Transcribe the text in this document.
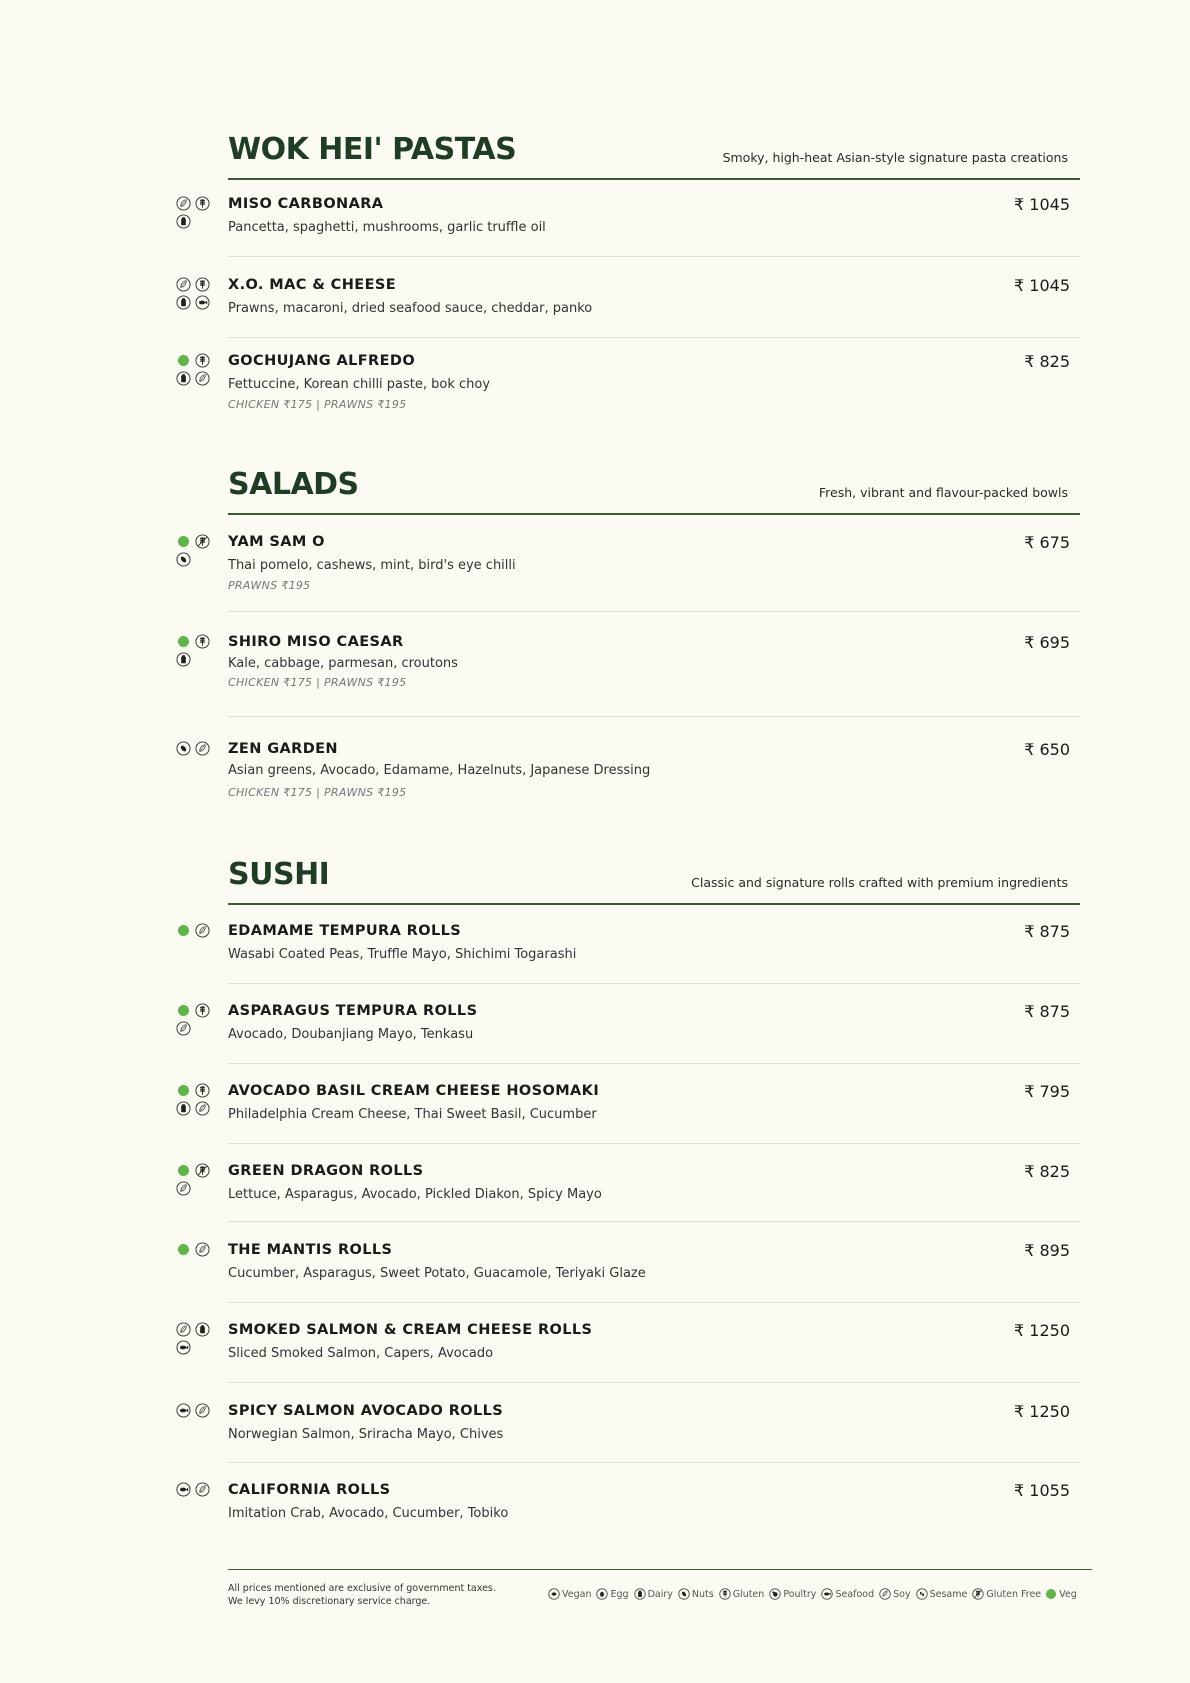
WOK HEI' PASTAS	Smoky, high-heat Asian-style signature pasta creations
MISO CARBONARA
Pancetta, spaghetti, mushrooms, garlic truffle oil
₹ 1045
X.O. MAC & CHEESE
Prawns, macaroni, dried seafood sauce, cheddar, panko
₹ 1045
GOCHUJANG ALFREDO
Fettuccine, Korean chilli paste, bok choy
CHICKEN ₹175 | PRAWNS ₹195
₹ 825
SALADS	Fresh, vibrant and flavour-packed bowls
YAM SAM O
Thai pomelo, cashews, mint, bird's eye chilli
PRAWNS ₹195
₹ 675
SHIRO MISO CAESAR
Kale, cabbage, parmesan, croutons
CHICKEN ₹175 | PRAWNS ₹195
₹ 695
ZEN GARDEN
Asian greens, Avocado, Edamame, Hazelnuts, Japanese Dressing
CHICKEN ₹175 | PRAWNS ₹195
₹ 650
SUSHI	Classic and signature rolls crafted with premium ingredients
EDAMAME TEMPURA ROLLS
Wasabi Coated Peas, Truffle Mayo, Shichimi Togarashi
₹ 875
ASPARAGUS TEMPURA ROLLS
Avocado, Doubanjiang Mayo, Tenkasu
₹ 875
AVOCADO BASIL CREAM CHEESE HOSOMAKI
Philadelphia Cream Cheese, Thai Sweet Basil, Cucumber
₹ 795
GREEN DRAGON ROLLS
Lettuce, Asparagus, Avocado, Pickled Diakon, Spicy Mayo
₹ 825
THE MANTIS ROLLS
Cucumber, Asparagus, Sweet Potato, Guacamole, Teriyaki Glaze
₹ 895
SMOKED SALMON & CREAM CHEESE ROLLS
Sliced Smoked Salmon, Capers, Avocado
₹ 1250
SPICY SALMON AVOCADO ROLLS
Norwegian Salmon, Sriracha Mayo, Chives
₹ 1250
CALIFORNIA ROLLS
Imitation Crab, Avocado, Cucumber, Tobiko
₹ 1055
All prices mentioned are exclusive of government taxes.
We levy 10% discretionary service charge.
Vegan Egg Dairy Nuts Gluten Poultry Seafood Soy Sesame Gluten Free Veg
